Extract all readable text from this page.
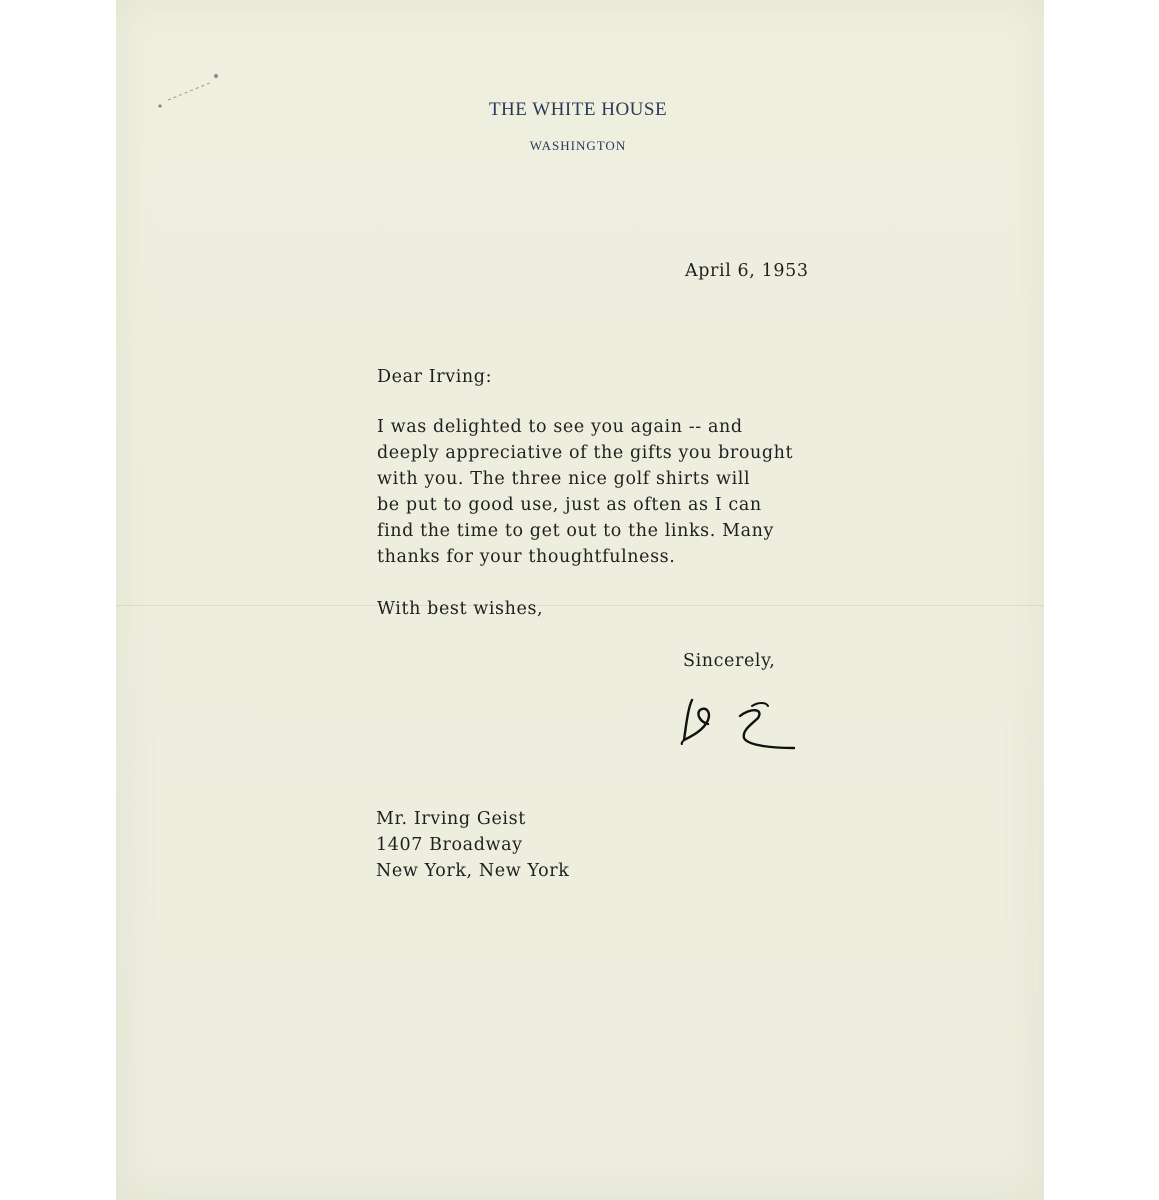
THE WHITE HOUSE
WASHINGTON
April 6, 1953
Dear Irving:
I was delighted to see you again -- and
deeply appreciative of the gifts you brought
with you. The three nice golf shirts will
be put to good use, just as often as I can
find the time to get out to the links. Many
thanks for your thoughtfulness.
With best wishes,
Sincerely,
Mr. Irving Geist
1407 Broadway
New York, New York
